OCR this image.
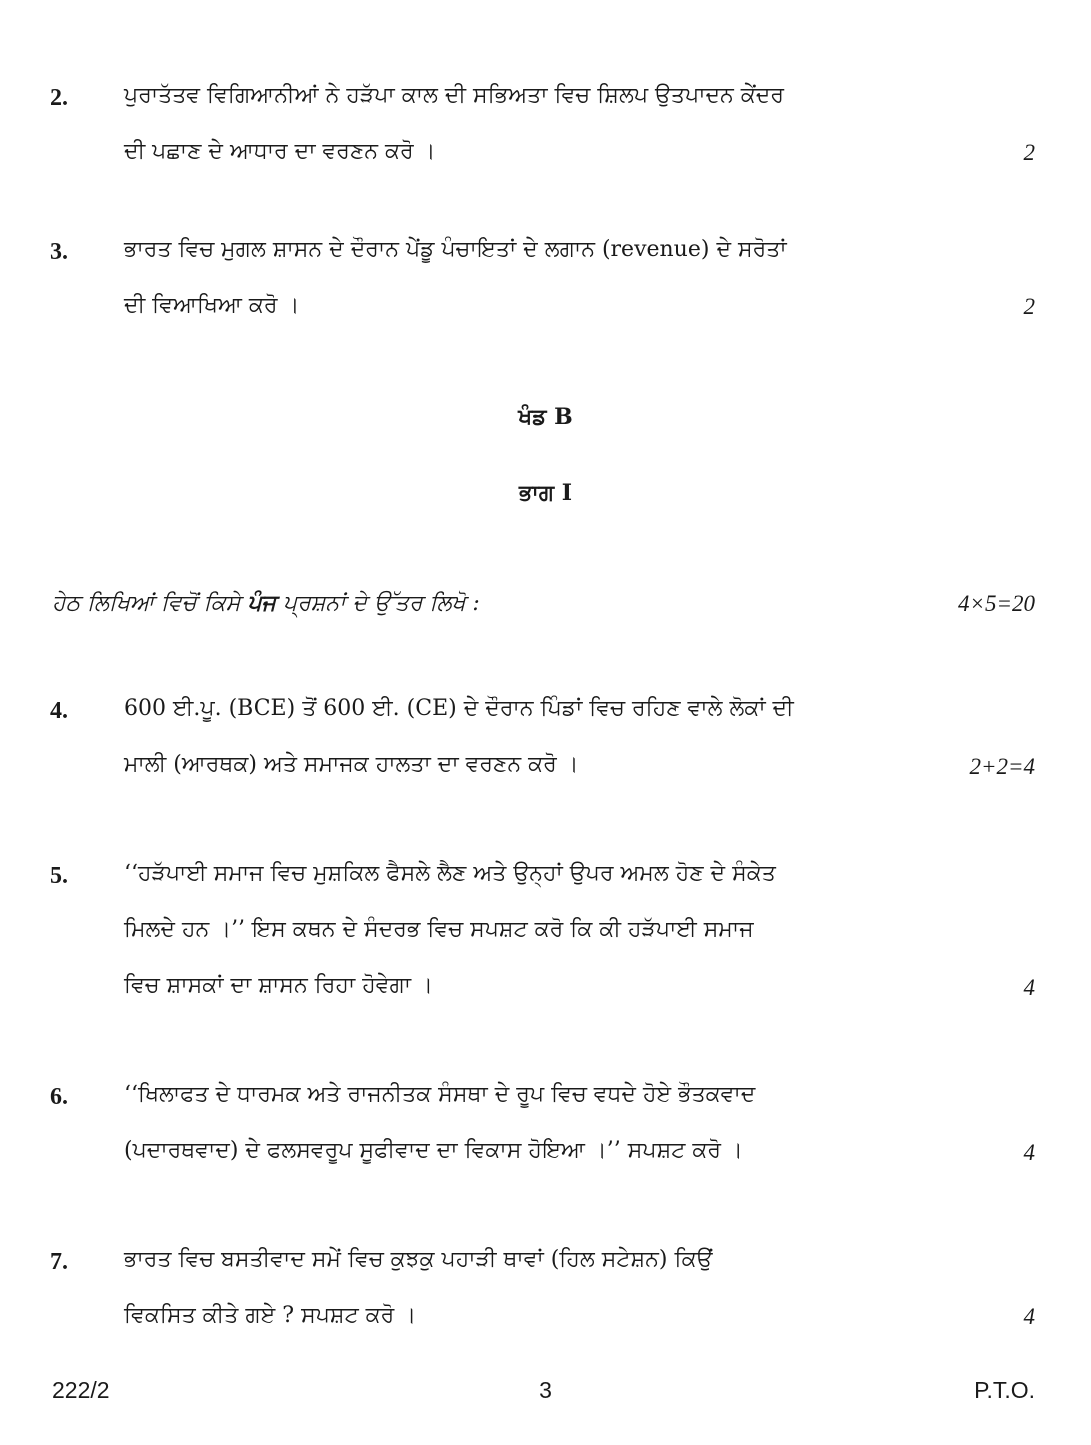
2.	ਪੁਰਾਤੱਤਵ ਵਿਗਿਆਨੀਆਂ ਨੇ ਹੜੱਪਾ ਕਾਲ ਦੀ ਸਭਿਅਤਾ ਵਿਚ ਸ਼ਿਲਪ ਉਤਪਾਦਨ ਕੇਂਦਰ
ਦੀ ਪਛਾਣ ਦੇ ਆਧਾਰ ਦਾ ਵਰਣਨ ਕਰੋ ।	2
3.	ਭਾਰਤ ਵਿਚ ਮੁਗਲ ਸ਼ਾਸਨ ਦੇ ਦੌਰਾਨ ਪੇਂਡੂ ਪੰਚਾਇਤਾਂ ਦੇ ਲਗਾਨ (revenue) ਦੇ ਸਰੋਤਾਂ
ਦੀ ਵਿਆਖਿਆ ਕਰੋ ।	2
ਖੰਡ B
ਭਾਗ I
ਹੇਠ ਲਿਖਿਆਂ ਵਿਚੋਂ ਕਿਸੇ ਪੰਜ ਪ੍ਰਸ਼ਨਾਂ ਦੇ ਉੱਤਰ ਲਿਖੋ :	4×5=20
4.	600 ਈ.ਪੂ. (BCE) ਤੋਂ 600 ਈ. (CE) ਦੇ ਦੌਰਾਨ ਪਿੰਡਾਂ ਵਿਚ ਰਹਿਣ ਵਾਲੇ ਲੋਕਾਂ ਦੀ
ਮਾਲੀ (ਆਰਥਕ) ਅਤੇ ਸਮਾਜਕ ਹਾਲਤਾ ਦਾ ਵਰਣਨ ਕਰੋ ।	2+2=4
5.	‘‘ਹੜੱਪਾਈ ਸਮਾਜ ਵਿਚ ਮੁਸ਼ਕਿਲ ਫੈਸਲੇ ਲੈਣ ਅਤੇ ਉਨ੍ਹਾਂ ਉਪਰ ਅਮਲ ਹੋਣ ਦੇ ਸੰਕੇਤ
ਮਿਲਦੇ ਹਨ ।’’ ਇਸ ਕਥਨ ਦੇ ਸੰਦਰਭ ਵਿਚ ਸਪਸ਼ਟ ਕਰੋ ਕਿ ਕੀ ਹੜੱਪਾਈ ਸਮਾਜ
ਵਿਚ ਸ਼ਾਸਕਾਂ ਦਾ ਸ਼ਾਸਨ ਰਿਹਾ ਹੋਵੇਗਾ ।	4
6.	‘‘ਖਿਲਾਫਤ ਦੇ ਧਾਰਮਕ ਅਤੇ ਰਾਜਨੀਤਕ ਸੰਸਥਾ ਦੇ ਰੂਪ ਵਿਚ ਵਧਦੇ ਹੋਏ ਭੌਤਕਵਾਦ
(ਪਦਾਰਥਵਾਦ) ਦੇ ਫਲਸਵਰੂਪ ਸੂਫੀਵਾਦ ਦਾ ਵਿਕਾਸ ਹੋਇਆ ।’’ ਸਪਸ਼ਟ ਕਰੋ ।	4
7.	ਭਾਰਤ ਵਿਚ ਬਸਤੀਵਾਦ ਸਮੇਂ ਵਿਚ ਕੁਝਕੁ ਪਹਾੜੀ ਥਾਵਾਂ (ਹਿਲ ਸਟੇਸ਼ਨ) ਕਿਉਂ
ਵਿਕਸਿਤ ਕੀਤੇ ਗਏ ? ਸਪਸ਼ਟ ਕਰੋ ।	4
222/2	3	P.T.O.
